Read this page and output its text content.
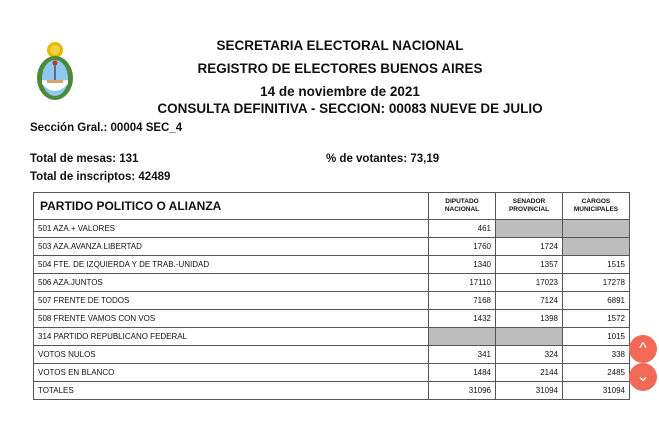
SECRETARIA ELECTORAL NACIONAL
REGISTRO DE ELECTORES BUENOS AIRES
14 de noviembre de 2021
CONSULTA DEFINITIVA - SECCION: 00083 NUEVE DE JULIO
Sección Gral.: 00004 SEC_4
Total de mesas: 131
Total de inscriptos: 42489
% de votantes: 73,19
PARTIDO POLITICO O ALIANZA	DIPUTADO NACIONAL	SENADOR PROVINCIAL	CARGOS MUNICIPALES
501 AZA.+ VALORES	461		
503 AZA.AVANZA LIBERTAD	1760	1724	
504 FTE. DE IZQUIERDA Y DE TRAB.-UNIDAD	1340	1357	1515
506 AZA.JUNTOS	17110	17023	17278
507 FRENTE DE TODOS	7168	7124	6891
508 FRENTE VAMOS CON VOS	1432	1398	1572
314 PARTIDO REPUBLICANO FEDERAL			1015
VOTOS NULOS	341	324	338
VOTOS EN BLANCO	1484	2144	2485
TOTALES	31096	31094	31094
^
⌄
